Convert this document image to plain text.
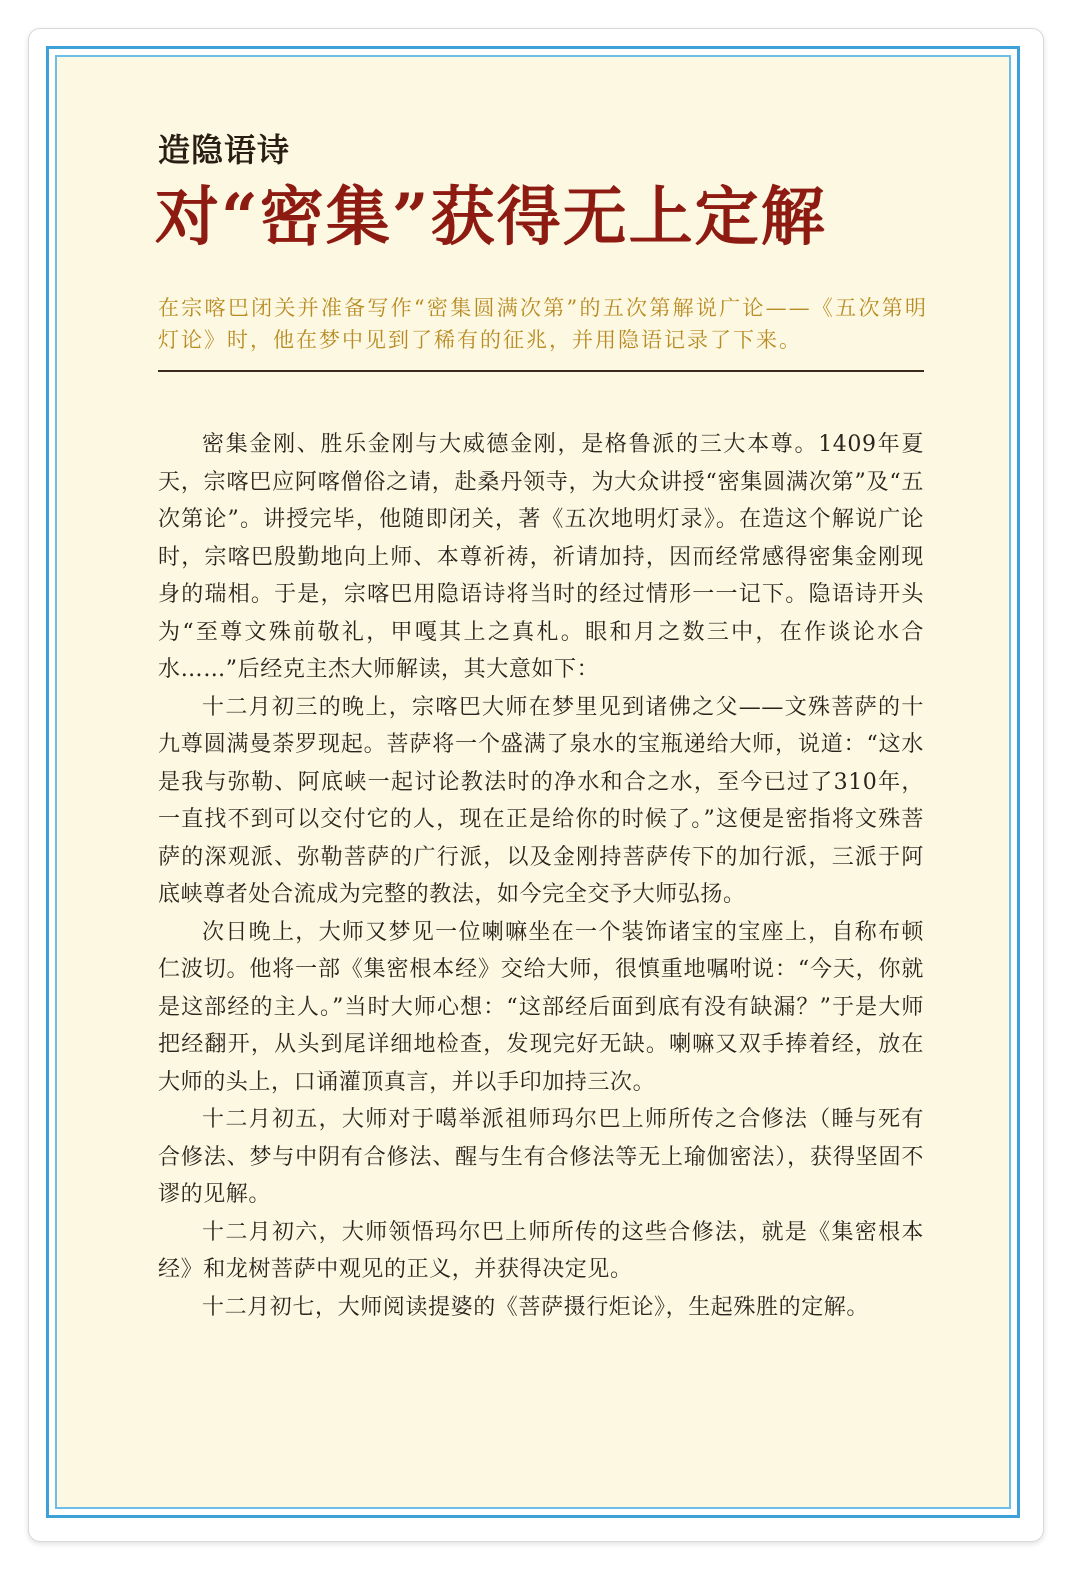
造隐语诗
对“密集”获得无上定解

在宗喀巴闭关并准备写作“密集圆满次第”的五次第解说广论——《五次第明灯论》时，他在梦中见到了稀有的征兆，并用隐语记录了下来。

密集金刚、胜乐金刚与大威德金刚，是格鲁派的三大本尊。1409年夏天，宗喀巴应阿喀僧俗之请，赴桑丹领寺，为大众讲授“密集圆满次第”及“五次第论”。讲授完毕，他随即闭关，著《五次地明灯录》。在造这个解说广论时，宗喀巴殷勤地向上师、本尊祈祷，祈请加持，因而经常感得密集金刚现身的瑞相。于是，宗喀巴用隐语诗将当时的经过情形一一记下。隐语诗开头为“至尊文殊前敬礼，甲嘎其上之真札。眼和月之数三中，在作谈论水合水……”后经克主杰大师解读，其大意如下：

十二月初三的晚上，宗喀巴大师在梦里见到诸佛之父——文殊菩萨的十九尊圆满曼荼罗现起。菩萨将一个盛满了泉水的宝瓶递给大师，说道：“这水是我与弥勒、阿底峡一起讨论教法时的净水和合之水，至今已过了310年，一直找不到可以交付它的人，现在正是给你的时候了。”这便是密指将文殊菩萨的深观派、弥勒菩萨的广行派，以及金刚持菩萨传下的加行派，三派于阿底峡尊者处合流成为完整的教法，如今完全交予大师弘扬。

次日晚上，大师又梦见一位喇嘛坐在一个装饰诸宝的宝座上，自称布顿仁波切。他将一部《集密根本经》交给大师，很慎重地嘱咐说：“今天，你就是这部经的主人。”当时大师心想：“这部经后面到底有没有缺漏？”于是大师把经翻开，从头到尾详细地检查，发现完好无缺。喇嘛又双手捧着经，放在大师的头上，口诵灌顶真言，并以手印加持三次。

十二月初五，大师对于噶举派祖师玛尔巴上师所传之合修法（睡与死有合修法、梦与中阴有合修法、醒与生有合修法等无上瑜伽密法），获得坚固不谬的见解。

十二月初六，大师领悟玛尔巴上师所传的这些合修法，就是《集密根本经》和龙树菩萨中观见的正义，并获得决定见。

十二月初七，大师阅读提婆的《菩萨摄行炬论》，生起殊胜的定解。
